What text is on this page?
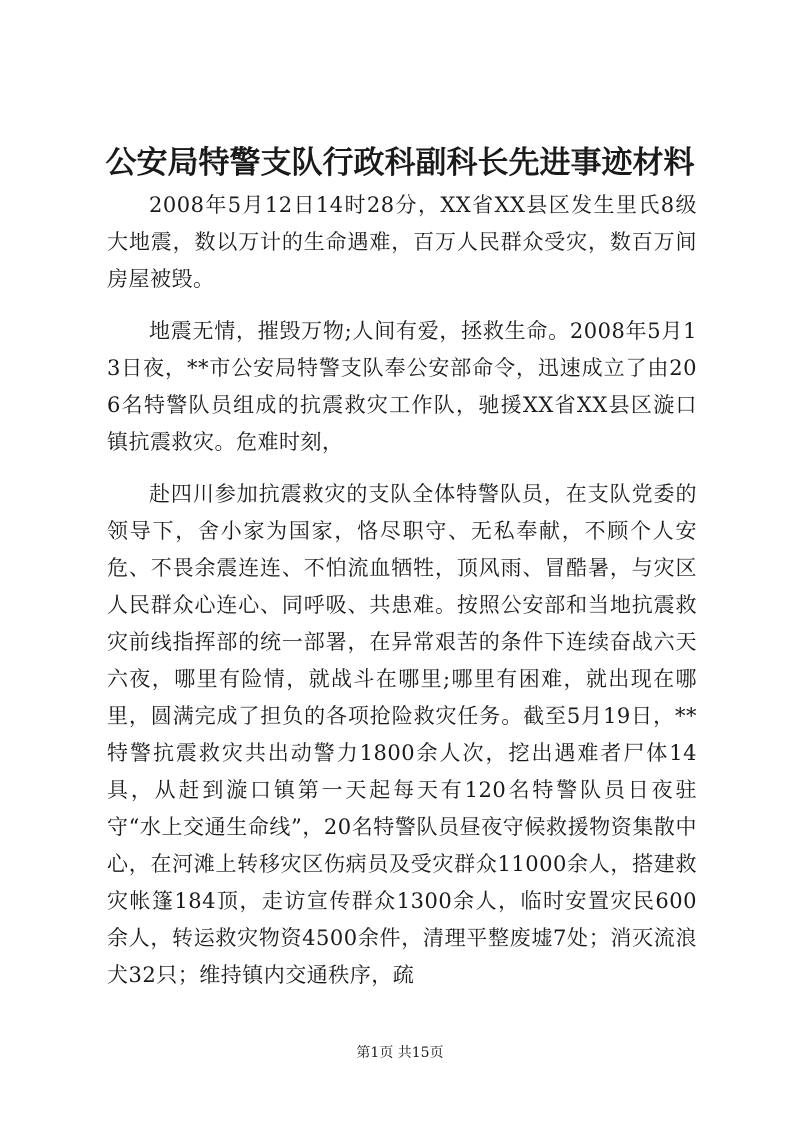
公安局特警支队行政科副科长先进事迹材料

2008年5月12日14时28分，XX省XX县区发生里氏8级大地震，数以万计的生命遇难，百万人民群众受灾，数百万间房屋被毁。

地震无情，摧毁万物;人间有爱，拯救生命。2008年5月13日夜，**市公安局特警支队奉公安部命令，迅速成立了由206名特警队员组成的抗震救灾工作队，驰援XX省XX县区漩口镇抗震救灾。危难时刻，

赴四川参加抗震救灾的支队全体特警队员，在支队党委的领导下，舍小家为国家，恪尽职守、无私奉献，不顾个人安危、不畏余震连连、不怕流血牺牲，顶风雨、冒酷暑，与灾区人民群众心连心、同呼吸、共患难。按照公安部和当地抗震救灾前线指挥部的统一部署，在异常艰苦的条件下连续奋战六天六夜，哪里有险情，就战斗在哪里;哪里有困难，就出现在哪里，圆满完成了担负的各项抢险救灾任务。截至5月19日，**特警抗震救灾共出动警力1800余人次，挖出遇难者尸体14具，从赶到漩口镇第一天起每天有120名特警队员日夜驻守“水上交通生命线”，20名特警队员昼夜守候救援物资集散中心，在河滩上转移灾区伤病员及受灾群众11000余人，搭建救灾帐篷184顶，走访宣传群众1300余人，临时安置灾民600余人，转运救灾物资4500余件，清理平整废墟7处；消灭流浪犬32只；维持镇内交通秩序，疏

第1页 共15页
